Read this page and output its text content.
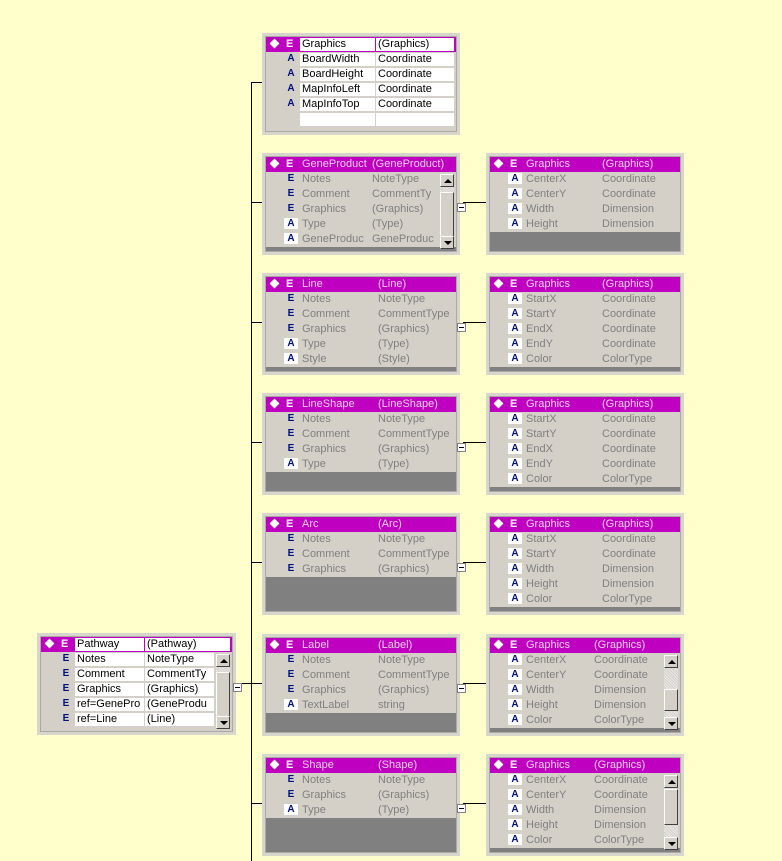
E Pathway	(Pathway)
E Notes	NoteType
E Comment	CommentTy
E Graphics	(Graphics)
E ref=GenePro (GeneProdu
E ref=Line	(Line)
E Graphics	(Graphics)
A BoardWidth	Coordinate
A BoardHeight	Coordinate
A MapInfoLeft	Coordinate
A MapInfoTop	Coordinate
E GeneProduct (GeneProduct)
E Notes	NoteType
E Comment	CommentTy
E Graphics	(Graphics)
A Type	(Type)
A GeneProduc GeneProduc
E Graphics	(Graphics)
A CenterX	Coordinate
A CenterY	Coordinate
A Width	Dimension
A Height	Dimension
E Line	(Line)
E Notes	NoteType
E Comment	CommentType
E Graphics	(Graphics)
A Type	(Type)
A Style	(Style)
E Graphics	(Graphics)
A StartX	Coordinate
A StartY	Coordinate
A EndX	Coordinate
A EndY	Coordinate
A Color	ColorType
E LineShape	(LineShape)
E Notes	NoteType
E Comment	CommentType
E Graphics	(Graphics)
A Type	(Type)
E Graphics	(Graphics)
A StartX	Coordinate
A StartY	Coordinate
A EndX	Coordinate
A EndY	Coordinate
A Color	ColorType
E Arc	(Arc)
E Notes	NoteType
E Comment	CommentType
E Graphics	(Graphics)
E Graphics	(Graphics)
A StartX	Coordinate
A StartY	Coordinate
A Width	Dimension
A Height	Dimension
A Color	ColorType
E Label	(Label)
E Notes	NoteType
E Comment	CommentType
E Graphics	(Graphics)
A TextLabel	string
E Graphics	(Graphics)
A CenterX	Coordinate
A CenterY	Coordinate
A Width	Dimension
A Height	Dimension
A Color	ColorType
E Shape	(Shape)
E Notes	NoteType
E Graphics	(Graphics)
A Type	(Type)
E Graphics	(Graphics)
A CenterX	Coordinate
A CenterY	Coordinate
A Width	Dimension
A Height	Dimension
A Color	ColorType
